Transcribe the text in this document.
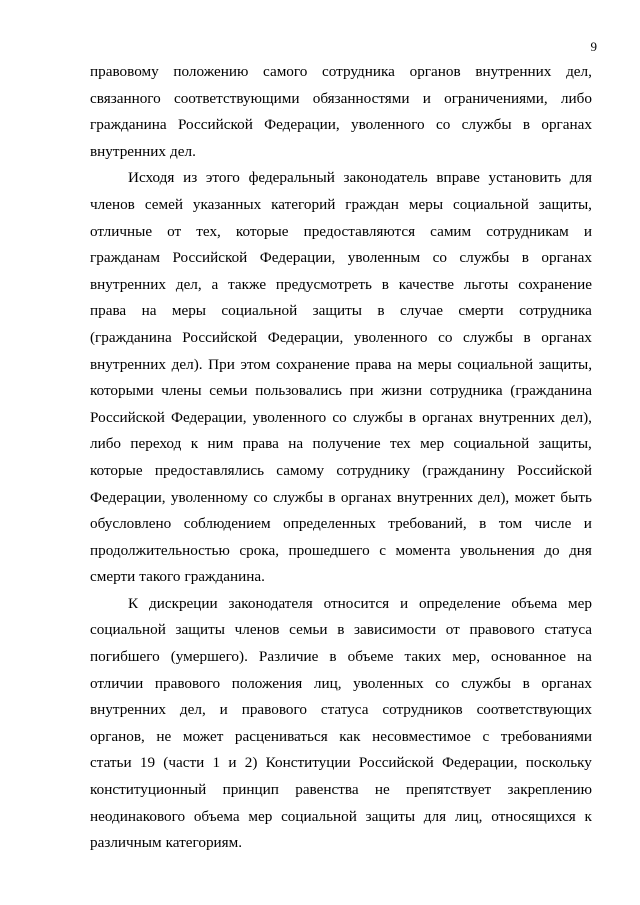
9
правовому положению самого сотрудника органов внутренних дел,
связанного соответствующими обязанностями и ограничениями, либо
гражданина Российской Федерации, уволенного со службы в органах
внутренних дел.
Исходя из этого федеральный законодатель вправе установить для
членов семей указанных категорий граждан меры социальной защиты,
отличные от тех, которые предоставляются самим сотрудникам и
гражданам Российской Федерации, уволенным со службы в органах
внутренних дел, а также предусмотреть в качестве льготы сохранение
права на меры социальной защиты в случае смерти сотрудника
(гражданина Российской Федерации, уволенного со службы в органах
внутренних дел). При этом сохранение права на меры социальной защиты,
которыми члены семьи пользовались при жизни сотрудника (гражданина
Российской Федерации, уволенного со службы в органах внутренних дел),
либо переход к ним права на получение тех мер социальной защиты,
которые предоставлялись самому сотруднику (гражданину Российской
Федерации, уволенному со службы в органах внутренних дел), может быть
обусловлено соблюдением определенных требований, в том числе и
продолжительностью срока, прошедшего с момента увольнения до дня
смерти такого гражданина.
К дискреции законодателя относится и определение объема мер
социальной защиты членов семьи в зависимости от правового статуса
погибшего (умершего). Различие в объеме таких мер, основанное на
отличии правового положения лиц, уволенных со службы в органах
внутренних дел, и правового статуса сотрудников соответствующих
органов, не может расцениваться как несовместимое с требованиями
статьи 19 (части 1 и 2) Конституции Российской Федерации, поскольку
конституционный принцип равенства не препятствует закреплению
неодинакового объема мер социальной защиты для лиц, относящихся к
различным категориям.
